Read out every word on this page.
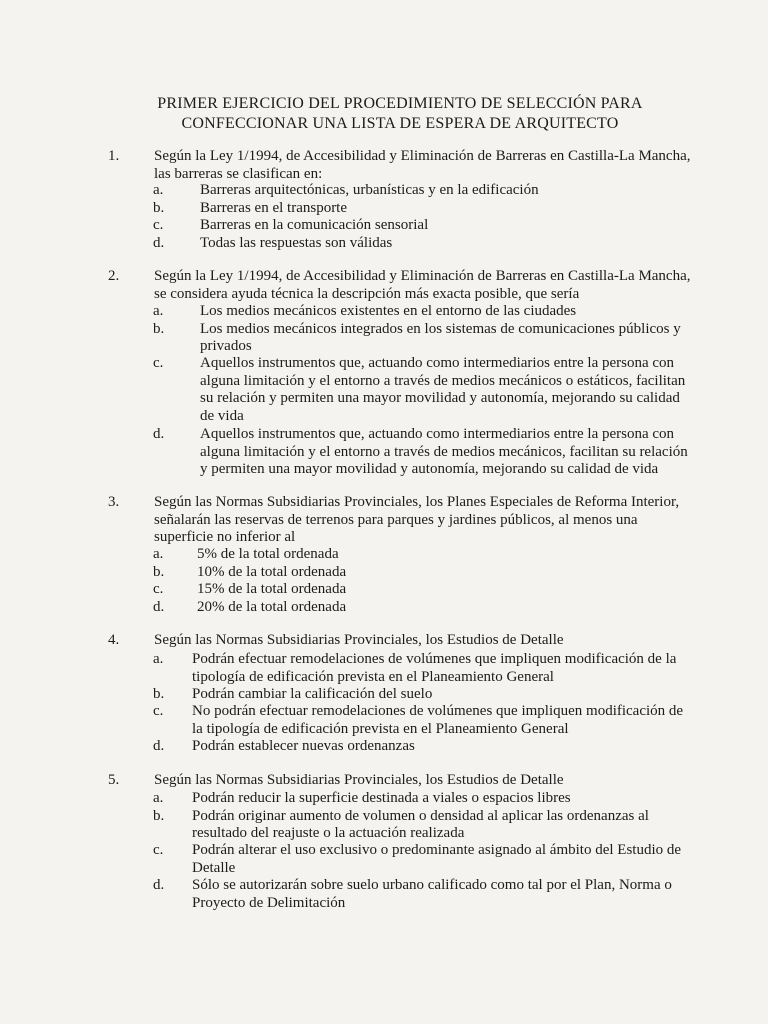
PRIMER EJERCICIO DEL PROCEDIMIENTO DE SELECCIÓN PARA
CONFECCIONAR UNA LISTA DE ESPERA DE ARQUITECTO
1. Según la Ley 1/1994, de Accesibilidad y Eliminación de Barreras en Castilla-La Mancha, las barreras se clasifican en:
a. Barreras arquitectónicas, urbanísticas y en la edificación
b. Barreras en el transporte
c. Barreras en la comunicación sensorial
d. Todas las respuestas son válidas
2. Según la Ley 1/1994, de Accesibilidad y Eliminación de Barreras en Castilla-La Mancha, se considera ayuda técnica la descripción más exacta posible, que sería
a. Los medios mecánicos existentes en el entorno de las ciudades
b. Los medios mecánicos integrados en los sistemas de comunicaciones públicos y privados
c. Aquellos instrumentos que, actuando como intermediarios entre la persona con alguna limitación y el entorno a través de medios mecánicos o estáticos, facilitan su relación y permiten una mayor movilidad y autonomía, mejorando su calidad de vida
d. Aquellos instrumentos que, actuando como intermediarios entre la persona con alguna limitación y el entorno a través de medios mecánicos, facilitan su relación y permiten una mayor movilidad y autonomía, mejorando su calidad de vida
3. Según las Normas Subsidiarias Provinciales, los Planes Especiales de Reforma Interior, señalarán las reservas de terrenos para parques y jardines públicos, al menos una superficie no inferior al
a. 5% de la total ordenada
b. 10% de la total ordenada
c. 15% de la total ordenada
d. 20% de la total ordenada
4. Según las Normas Subsidiarias Provinciales, los Estudios de Detalle
a. Podrán efectuar remodelaciones de volúmenes que impliquen modificación de la tipología de edificación prevista en el Planeamiento General
b. Podrán cambiar la calificación del suelo
c. No podrán efectuar remodelaciones de volúmenes que impliquen modificación de la tipología de edificación prevista en el Planeamiento General
d. Podrán establecer nuevas ordenanzas
5. Según las Normas Subsidiarias Provinciales, los Estudios de Detalle
a. Podrán reducir la superficie destinada a viales o espacios libres
b. Podrán originar aumento de volumen o densidad al aplicar las ordenanzas al resultado del reajuste o la actuación realizada
c. Podrán alterar el uso exclusivo o predominante asignado al ámbito del Estudio de Detalle
d. Sólo se autorizarán sobre suelo urbano calificado como tal por el Plan, Norma o Proyecto de Delimitación
